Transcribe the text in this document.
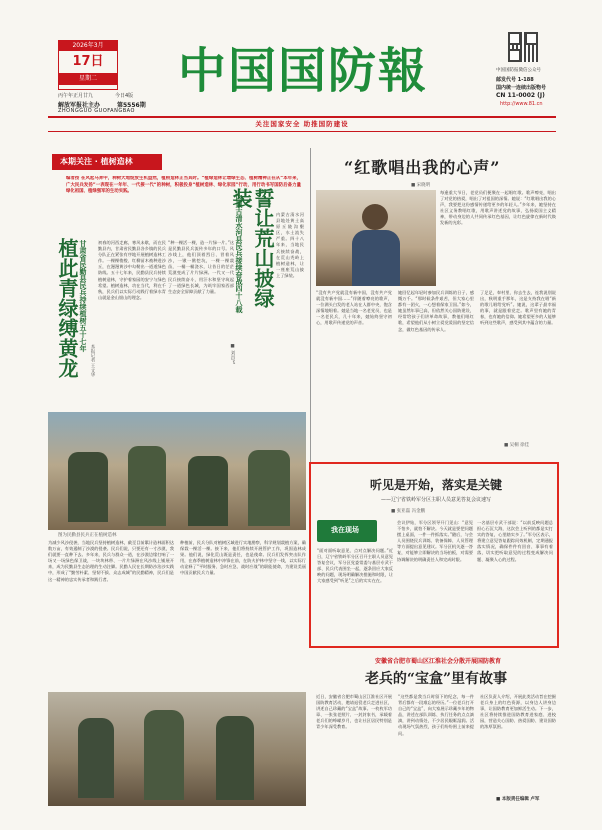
2026年3月
17日
星期二
丙午年正月廿九	今日4版
解放军报社主办	第5556期
ZHONGGUO GUOFANGBAO
中国国防報	中国国防报微信公众号
邮发代号 1-188
国内统一连续出版物号
CN 11-0002 (J)
http://www.81.cn
关注国家安全 助推国防建设
本期关注 · 植树造林
编者按 在风起马奔中，种树大地绽放生机盎然，植根造林正当其时。“植绿造林让增绿生态、植树精神正在从“本年来，广大民兵发扬”一表现在一年年、一代接一代“的种树，积极投身“植树造林、绿化家园”行动，用行动书写国防后备力量绿化祖国、植绿强军的生动实践。
植此青绿缚黄龙 甘肃省民勤县民兵持续植树五十七年
本报记者 王文华
初春的河西走廊，寒风未歇，而在民勤县内，甘肃省民勤县各乡镇的民兵分队正在紧张有序地开展植树造林工作。一棵棵梭梭、红柳苗木被种进沙丘，在漫漫黄沙中勾勒出一道道绿色防线。五十七年来，民勤县民兵持续植树造林，守护着家园的安宁与绿色希望。植树造林，功在当代，利在千秋，民兵们以实际行动践行着绿水青山就是金山银山的理念。
“种一棵活一棵，造一片绿一片。”这是民勤县民兵流传多年的口号。风沙线上，他们顶着烈日、冒着风沙，一锹一锹挖坑，一棵一棵栽苗，一桶一桶浇水，让昔日的茫茫荒漠变成了片片绿洲。一代又一代民兵接续奋斗，用汗水和坚守筑起了一道绿色长城，为筑牢国家西部生态安全屏障贡献了力量。	誓让荒山披绿装
内蒙古清水河县民兵接续奋战四十八载
■ 刘昌飞
内蒙古清水河县地处黄土高原丘陵沟壑区，水土流失严重。四十八年来，当地民兵接续奋战，在荒山秃岭上植树造林，让一座座荒山披上了绿装。
图为民勤县民兵正在植树造林
为减少风沙侵袭，当地民兵坚持植树造林，截至目前累计造林面积达数万亩，有效遏制了沙漠的侵袭。民兵们说，只要还有一寸沙漠，我们就要一直种下去。多年来，民兵与群众一道，在沙漠边缘打响了一场又一场绿色保卫战，一块块林带、一片片绿洲在风沙线上铺展开来，成为民勤县生态治理的生动注脚。民勤人民在长期防沙治沙实践中，形成了“勤劳朴素、坚韧不拔、众志成城”的民勤精神，民兵们是这一精神的忠实传承者和践行者。
种植前，民兵分队对植树区域进行实地勘察，科学规划栽植方案，确保栽一棵活一棵。接下来，他们将持续开展管护工作，巩固造林成果。他们说，绿化荒山既是责任，也是使命。民兵们发挥突击队作用，在春季植树造林中冲锋在前，在防火护林中坚守一线，以实际行动诠释了“平时服务、急时应急、战时应战”的职能使命，为建设美丽中国贡献民兵力量。
“红歌唱出我的心声”
■ 宋晓明
每逢重大节日，老党员们便聚在一起唱红歌。歌声嘹亮，唱出了对党的热爱，唱出了对祖国的深情。她说：“红歌唱出我的心声，我要把这份感情传递给更多的年轻人。”多年来，她坚持在社区义务教唱红歌，用歌声讲述党的故事，弘扬爱国主义精神，带动身边的人共同传承红色基因，让红色旋律在新时代焕发新的光彩。
“没有共产党就没有新中国，没有共产党就没有新中国……”伴随着嘹亮的歌声，一位满头白发的老人站在人群中央，饱含深情地唱着。她是当地一名老党员，也是一名老民兵，几十年来，她始终坚守初心，用歌声传递党的声音。
她回忆起年轻时参加民兵训练的日子，感慨万千。“那时候条件艰苦，但大家心里都有一团火，一心想着保家卫国。”如今，她虽然年事已高，但依然关心国防建设，经常给孩子们讲革命故事，教他们唱红歌，希望他们从小树立爱党爱国的坚定信念，做红色基因的传承人。
了足足，奉村里、你去生去，连我说别说出，秋明重手那年，这是支持我在唱“新的歌儿唱给党听”。她说，这辈子最幸福的事，就是跟着党走。歌声里有她的青春，也有她的信仰。她希望更多的人能够听到这些歌声，感受到其中蕴含的力量。
■ 吴桐 徐佳
听见是开始，落实是关键
——辽宁省铁岭军分区主职人员意见答复会议速写
■ 张亚磊 冯金鹏
我在现场
“面对面听取意见、点对点解决问题。”近日，辽宁省铁岭军分区召开主职人员意见答复会议，军分区党委常委与基层专武干部、民兵代表围坐一起，逐条回应大家反映的问题，现场明确解决措施和时限，让大家感受到“听见”之后的实实在在。
会议伊始，军分区领导开门见山：“意见不怕多，就怕不解决。今天就是要把问题摆上桌面，一件一件抓落实。”随后，与会人员围绕民兵训练、装备保障、人员管理等方面提出意见建议。军分区机关逐一答复，对能够立即解决的当场拍板，对需要协调解决的明确责任人和完成时限。
一名基层专武干部说：“以前反映问题总担心石沉大海，这次会上听到的都是实打实的答复，心里踏实多了。”军分区表示，将建立意见答复跟踪问效机制，定期通报落实情况，确保件件有回音、事事有着落，切实把听取意见的过程变成解决问题、凝聚人心的过程。
安徽省合肥市蜀山区江淮社会分散开展国防教育
老兵的“宝盒”里有故事
近日，安徽省合肥市蜀山区江淮社区开展国防教育活动，邀请退役老兵走进社区，讲述自己珍藏的“宝盒”故事。一枚枚军功章、一张张老照片、一封封家书，承载着老兵们的峥嵘岁月，也让社区居民特别是青少年深受教育。
“这些都是我当兵时留下的纪念，每一件背后都有一段难忘的经历。”一位老兵打开自己的“宝盒”，向大家展示珍藏多年的物品，讲述在部队训练、执行任务的点点滴滴，讲到动情处，不少居民眼眶湿润。活动现场气氛热烈，孩子们纷纷围上前来提问。
社区负责人介绍，开展此类活动旨在挖掘老兵身上的红色资源，以身边人讲身边事，让国防教育更加鲜活生动。下一步，社区将持续推进国防教育进家庭、进校园，营造关心国防、热爱国防、建设国防的浓厚氛围。
■ 本版责任编辑 卢军
